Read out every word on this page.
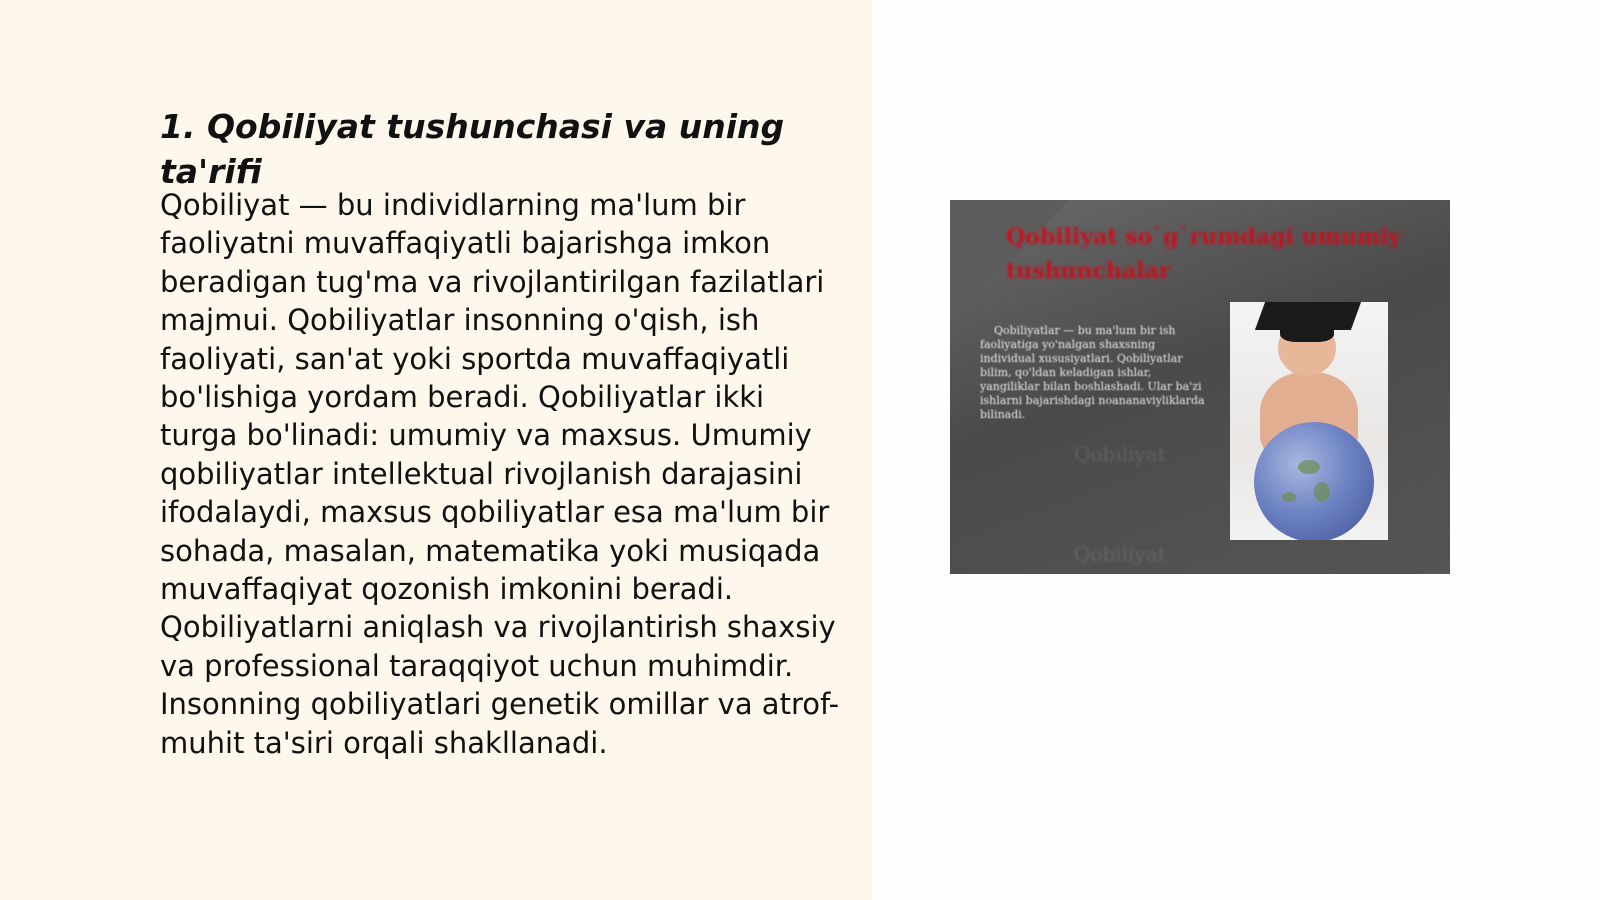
1. Qobiliyat tushunchasi va uning ta'rifi

Qobiliyat — bu individlarning ma'lum bir faoliyatni muvaffaqiyatli bajarishga imkon beradigan tug'ma va rivojlantirilgan fazilatlari majmui. Qobiliyatlar insonning o'qish, ish faoliyati, san'at yoki sportda muvaffaqiyatli bo'lishiga yordam beradi. Qobiliyatlar ikki turga bo'linadi: umumiy va maxsus. Umumiy qobiliyatlar intellektual rivojlanish darajasini ifodalaydi, maxsus qobiliyatlar esa ma'lum bir sohada, masalan, matematika yoki musiqada muvaffaqiyat qozonish imkonini beradi. Qobiliyatlarni aniqlash va rivojlantirish shaxsiy va professional taraqqiyot uchun muhimdir. Insonning qobiliyatlari genetik omillar va atrof-muhit ta'siri orqali shakllanadi.

Qobiliyat so`g`rumdagi umumiy tushunchalar
Qobiliyatlar — bu ma'lum bir ish faoliyatiga yo'nalgan shaxsning individual xususiyatlari. Qobiliyatlar bilim, qo'ldan keladigan ishlar, yangiliklar bilan boshlashadi. Ular ba'zi ishlarni bajarishdagi noananaviyliklarda bilinadi.
Qobiliyat
Qobiliyat
